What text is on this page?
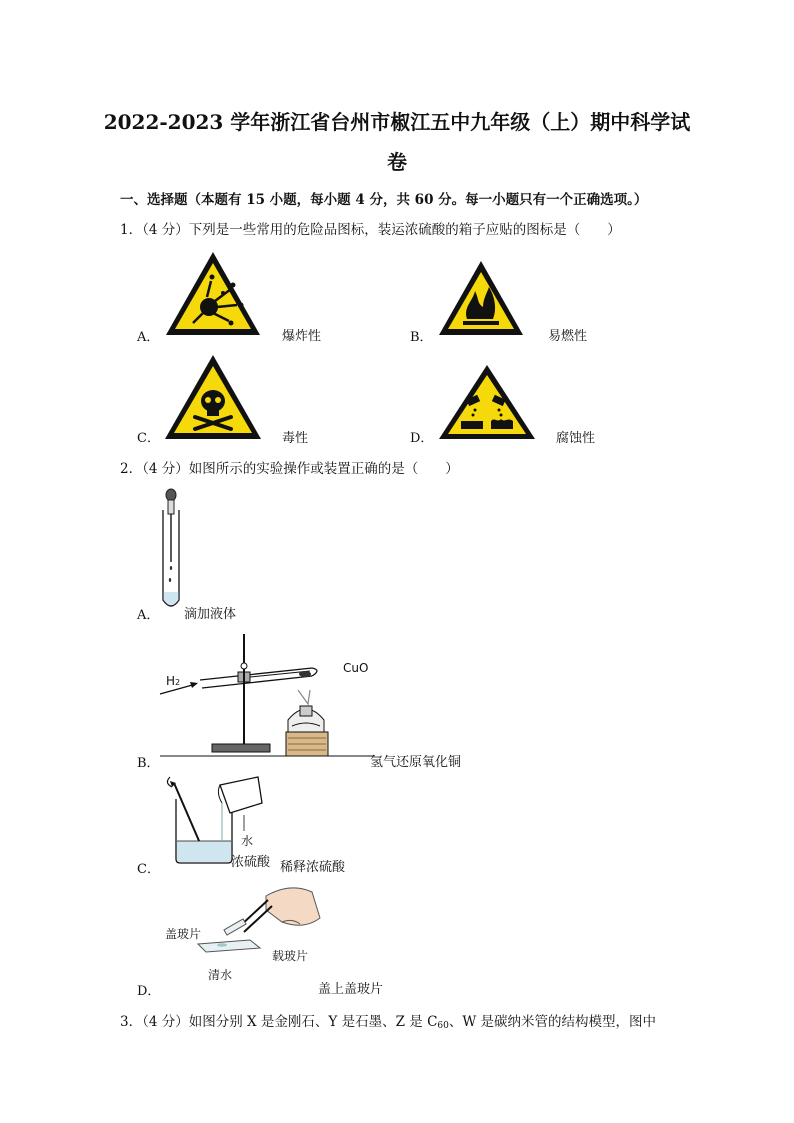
2022-2023 学年浙江省台州市椒江五中九年级（上）期中科学试
卷
一、选择题（本题有 15 小题，每小题 4 分，共 60 分。每一小题只有一个正确选项。）
1．（4 分）下列是一些常用的危险品图标，装运浓硫酸的箱子应贴的图标是（　　）
A．	爆炸性	B．	易燃性
C．	毒性	D．	腐蚀性
2．（4 分）如图所示的实验操作或装置正确的是（　　）
A． 滴加液体
H2
CuO
B．	氢气还原氧化铜
水
浓硫酸
C．	稀释浓硫酸
盖玻片
载玻片
清水
D．	盖上盖玻片
3．（4 分）如图分别 X 是金刚石、Y 是石墨、Z 是 C60、W 是碳纳米管的结构模型，图中
